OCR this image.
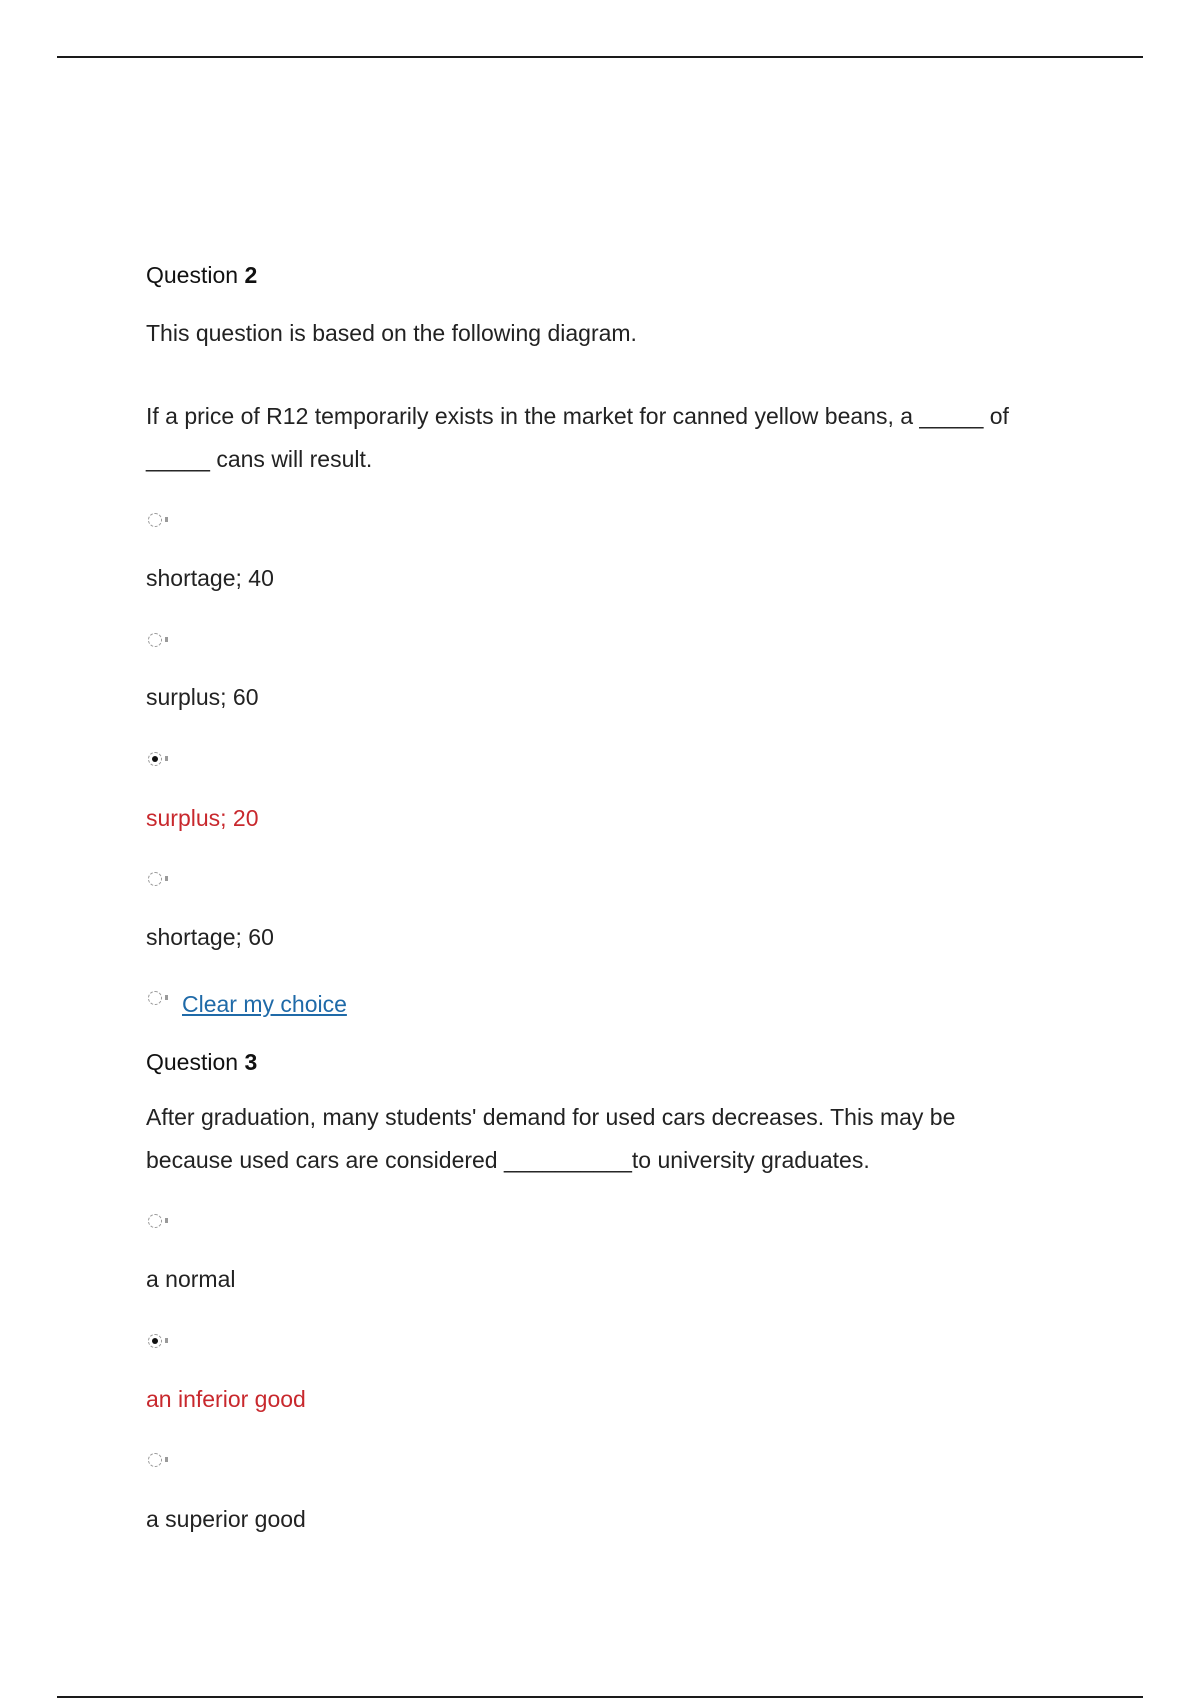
Question 2
This question is based on the following diagram.
If a price of R12 temporarily exists in the market for canned yellow beans, a _____ of _____ cans will result.
shortage; 40
surplus; 60
surplus; 20
shortage; 60
Clear my choice
Question 3
After graduation, many students' demand for used cars decreases. This may be because used cars are considered __________to university graduates.
a normal
an inferior good
a superior good
